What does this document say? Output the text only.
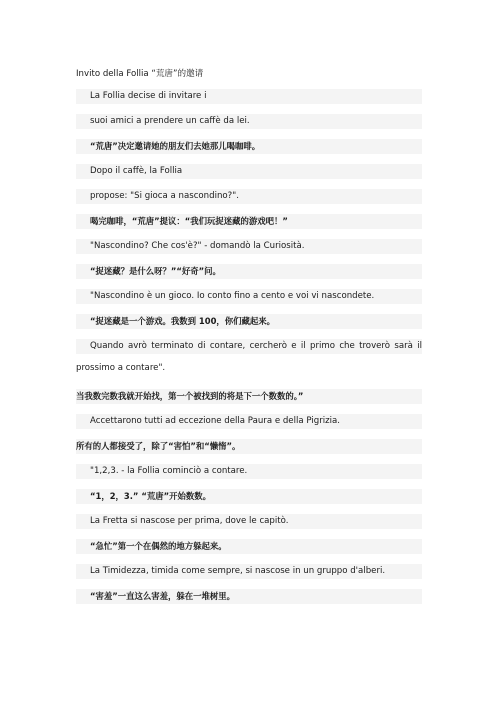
Invito della Follia “荒唐”的邀请
La Follia decise di invitare i
suoi amici a prendere un caffè da lei.
“荒唐”决定邀请她的朋友们去她那儿喝咖啡。
Dopo il caffè, la Follia
propose: "Si gioca a nascondino?".
喝完咖啡，“荒唐”提议：“我们玩捉迷藏的游戏吧！”
"Nascondino? Che cos'è?" - domandò la Curiosità.
“捉迷藏？是什么呀？”“好奇”问。
"Nascondino è un gioco. Io conto fino a cento e voi vi nascondete.
“捉迷藏是一个游戏。我数到 100，你们藏起来。
Quando avrò terminato di contare, cercherò e il primo che troverò sarà il
prossimo a contare".
当我数完数我就开始找，第一个被找到的将是下一个数数的。”
Accettarono tutti ad eccezione della Paura e della Pigrizia.
所有的人都接受了，除了“害怕”和“懒惰”。
"1,2,3. - la Follia cominciò a contare.
“1，2，3.” “荒唐”开始数数。
La Fretta si nascose per prima, dove le capitò.
“急忙”第一个在偶然的地方躲起来。
La Timidezza, timida come sempre, si nascose in un gruppo d'alberi.
“害羞”一直这么害羞，躲在一堆树里。
